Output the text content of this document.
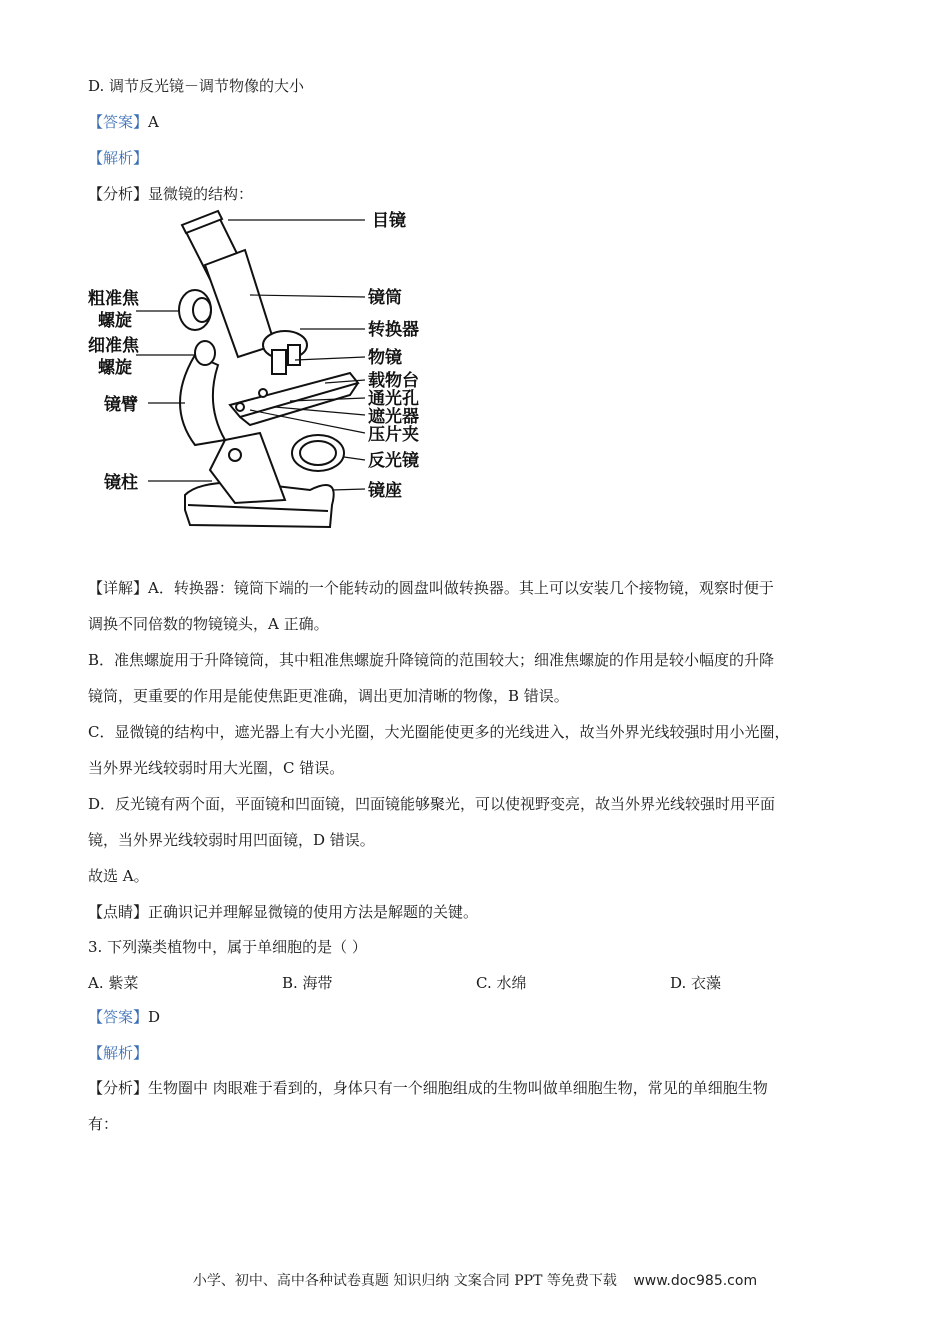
D. 调节反光镜－调节物像的大小
【答案】A
【解析】
【分析】显微镜的结构：
目镜
镜筒
转换器
物镜
载物台
通光孔
遮光器
压片夹
反光镜
镜座
粗准焦
螺旋
细准焦
螺旋
镜臂
镜柱
【详解】A．转换器：镜筒下端的一个能转动的圆盘叫做转换器。其上可以安装几个接物镜，观察时便于
调换不同倍数的物镜镜头，A 正确。
B．准焦螺旋用于升降镜筒，其中粗准焦螺旋升降镜筒的范围较大；细准焦螺旋的作用是较小幅度的升降
镜筒，更重要的作用是能使焦距更准确，调出更加清晰的物像，B 错误。
C．显微镜的结构中，遮光器上有大小光圈，大光圈能使更多的光线进入，故当外界光线较强时用小光圈，
当外界光线较弱时用大光圈，C 错误。
D．反光镜有两个面，平面镜和凹面镜，凹面镜能够聚光，可以使视野变亮，故当外界光线较强时用平面
镜，当外界光线较弱时用凹面镜，D 错误。
故选 A。
【点睛】正确识记并理解显微镜的使用方法是解题的关键。
3. 下列藻类植物中，属于单细胞的是（ ）
A. 紫菜	B. 海带	C. 水绵	D. 衣藻
【答案】D
【解析】
【分析】生物圈中 肉眼难于看到的，身体只有一个细胞组成的生物叫做单细胞生物，常见的单细胞生物
有：
小学、初中、高中各种试卷真题 知识归纳 文案合同 PPT 等免费下载 www.doc985.com
